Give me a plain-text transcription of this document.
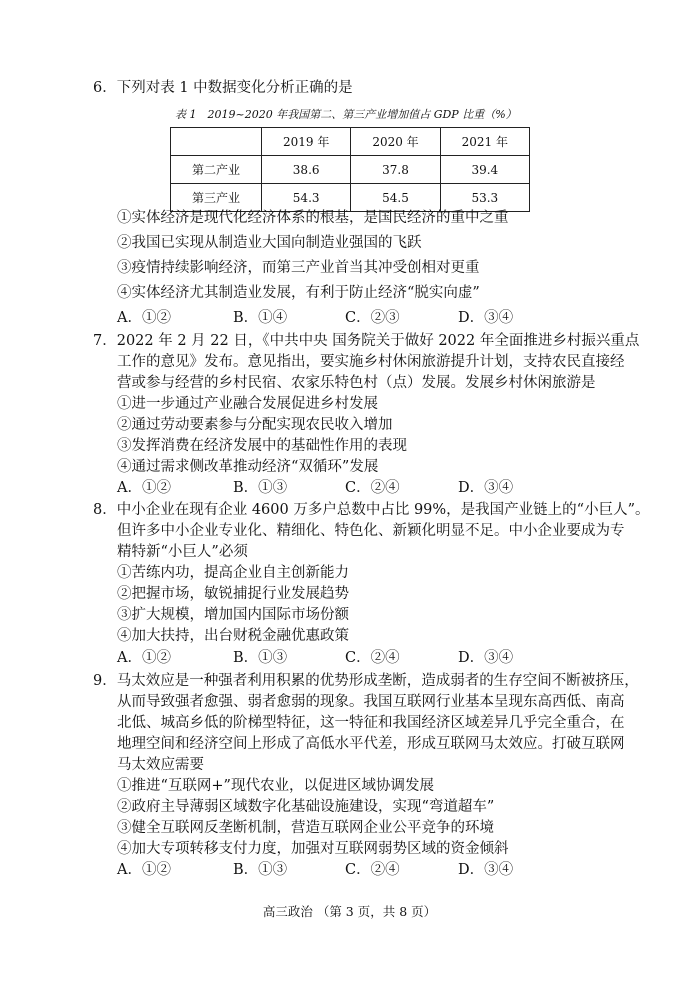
6．下列对表 1 中数据变化分析正确的是
表 1　2019~2020 年我国第二、第三产业增加值占 GDP 比重（%）
	2019 年	2020 年	2021 年
第二产业	38.6	37.8	39.4
第三产业	54.3	54.5	53.3
①实体经济是现代化经济体系的根基，是国民经济的重中之重
②我国已实现从制造业大国向制造业强国的飞跃
③疫情持续影响经济，而第三产业首当其冲受创相对更重
④实体经济尤其制造业发展，有利于防止经济“脱实向虚”
A．①②	B．①④	C．②③	D．③④
7．2022 年 2 月 22 日，《中共中央 国务院关于做好 2022 年全面推进乡村振兴重点
工作的意见》发布。意见指出，要实施乡村休闲旅游提升计划，支持农民直接经
营或参与经营的乡村民宿、农家乐特色村（点）发展。发展乡村休闲旅游是
①进一步通过产业融合发展促进乡村发展
②通过劳动要素参与分配实现农民收入增加
③发挥消费在经济发展中的基础性作用的表现
④通过需求侧改革推动经济“双循环”发展
A．①②	B．①③	C．②④	D．③④
8．中小企业在现有企业 4600 万多户总数中占比 99%，是我国产业链上的“小巨人”。
但许多中小企业专业化、精细化、特色化、新颖化明显不足。中小企业要成为专
精特新“小巨人”必须
①苦练内功，提高企业自主创新能力
②把握市场，敏锐捕捉行业发展趋势
③扩大规模，增加国内国际市场份额
④加大扶持，出台财税金融优惠政策
A．①②	B．①③	C．②④	D．③④
9．马太效应是一种强者利用积累的优势形成垄断，造成弱者的生存空间不断被挤压，
从而导致强者愈强、弱者愈弱的现象。我国互联网行业基本呈现东高西低、南高
北低、城高乡低的阶梯型特征，这一特征和我国经济区域差异几乎完全重合，在
地理空间和经济空间上形成了高低水平代差，形成互联网马太效应。打破互联网
马太效应需要
①推进“互联网+”现代农业，以促进区域协调发展
②政府主导薄弱区域数字化基础设施建设，实现“弯道超车”
③健全互联网反垄断机制，营造互联网企业公平竞争的环境
④加大专项转移支付力度，加强对互联网弱势区域的资金倾斜
A．①②	B．①③	C．②④	D．③④
高三政治 （第 3 页，共 8 页）
